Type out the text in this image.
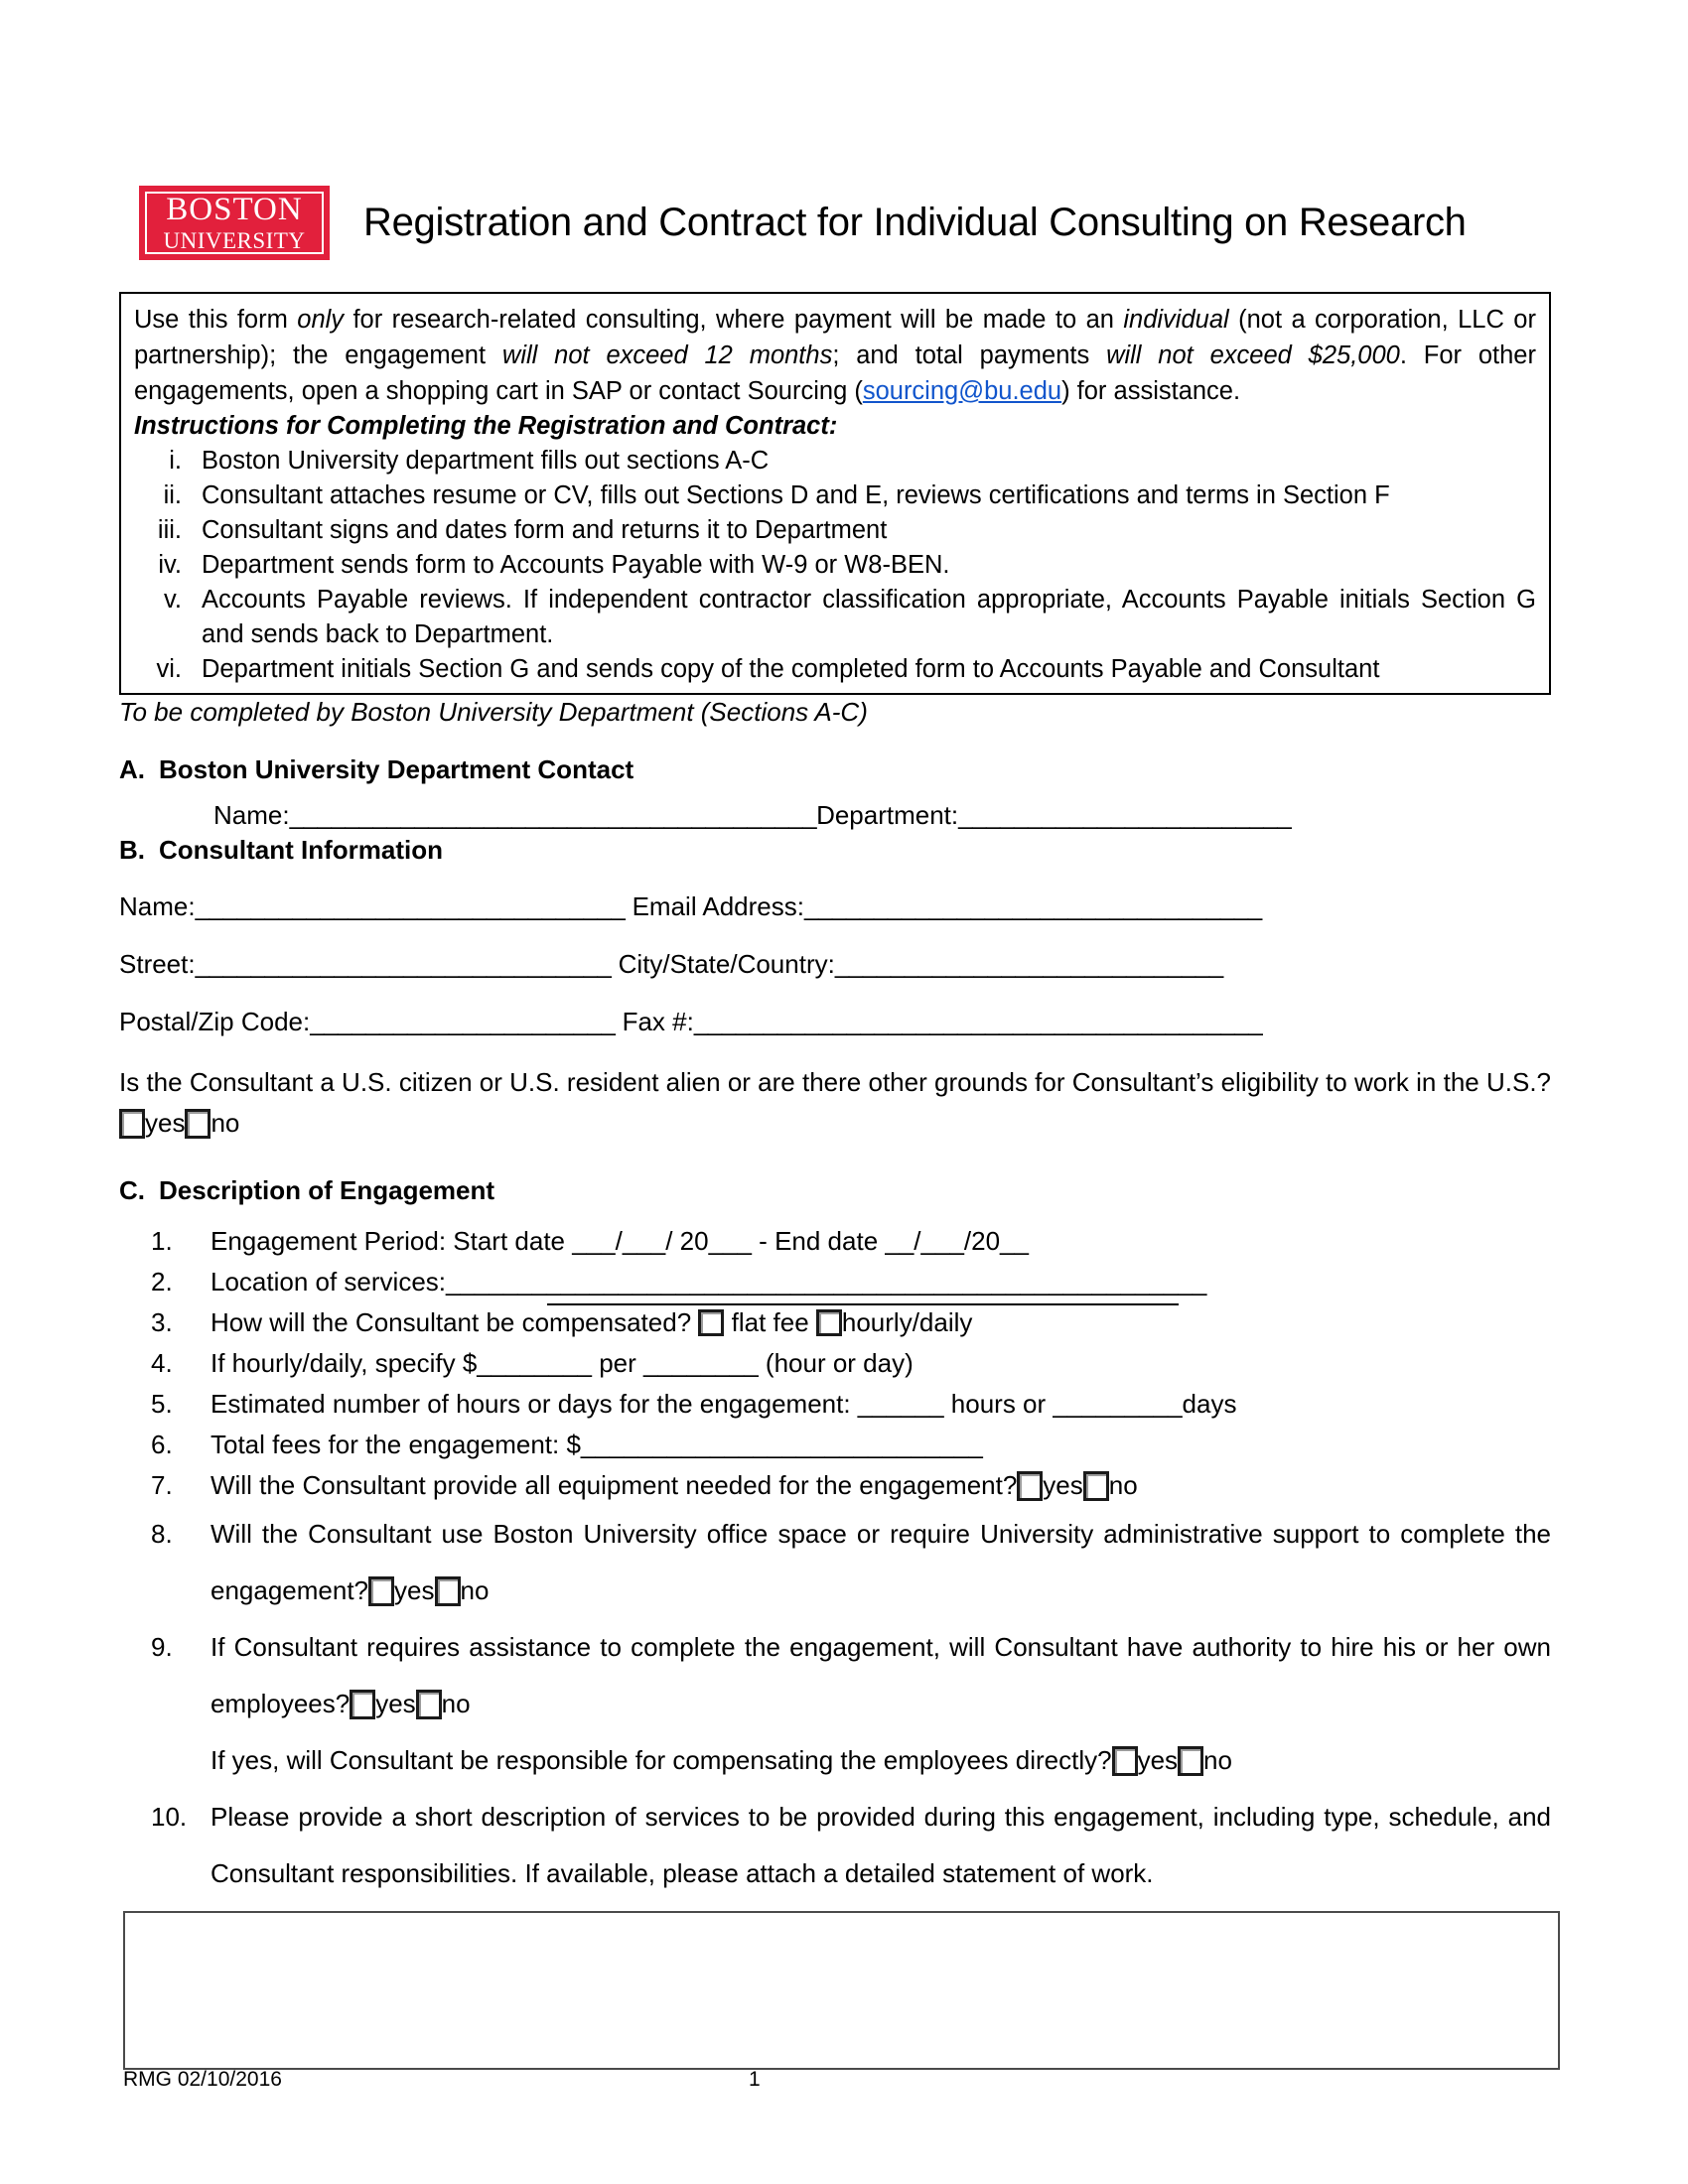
BOSTON
UNIVERSITY Registration and Contract for Individual Consulting on Research

Use this form only for research-related consulting, where payment will be made to an individual (not a corporation, LLC or partnership); the engagement will not exceed 12 months; and total payments will not exceed $25,000. For other engagements, open a shopping cart in SAP or contact Sourcing (sourcing@bu.edu) for assistance.

Instructions for Completing the Registration and Contract:

i. Boston University department fills out sections A-C
ii. Consultant attaches resume or CV, fills out Sections D and E, reviews certifications and terms in Section F
iii. Consultant signs and dates form and returns it to Department
iv. Department sends form to Accounts Payable with W-9 or W8-BEN.
v. Accounts Payable reviews. If independent contractor classification appropriate, Accounts Payable initials Section G and sends back to Department.
vi. Department initials Section G and sends copy of the completed form to Accounts Payable and Consultant
To be completed by Boston University Department (Sections A-C)
A. Boston University Department Contact
Name:______________________________________Department:________________________
B. Consultant Information
Name:_______________________________ Email Address:_________________________________
Street:______________________________ City/State/Country:____________________________
Postal/Zip Code:______________________ Fax #:_________________________________________
Is the Consultant a U.S. citizen or U.S. resident alien or are there other grounds for Consultant’s eligibility to work in the U.S.?yes no
C. Description of Engagement
1.	Engagement Period: Start date ___/___/ 20___ - End date __/___/20__
2.	Location of services:_____________________________________________________
3.	How will the Consultant be compensated?  flat fee hourly/daily
4.	If hourly/daily, specify $________ per ________ (hour or day)
5.	Estimated number of hours or days for the engagement: ______ hours or _________days
6.	Total fees for the engagement: $____________________________
7.	Will the Consultant provide all equipment needed for the engagement? yes no
8.	Will the Consultant use Boston University office space or require University administrative support to complete the engagement? yes no
9.	If Consultant requires assistance to complete the engagement, will Consultant have authority to hire his or her own employees? yes no
If yes, will Consultant be responsible for compensating the employees directly? yes no
10. Please provide a short description of services to be provided during this engagement, including type, schedule, and Consultant responsibilities. If available, please attach a detailed statement of work.
RMG 02/10/2016	1
